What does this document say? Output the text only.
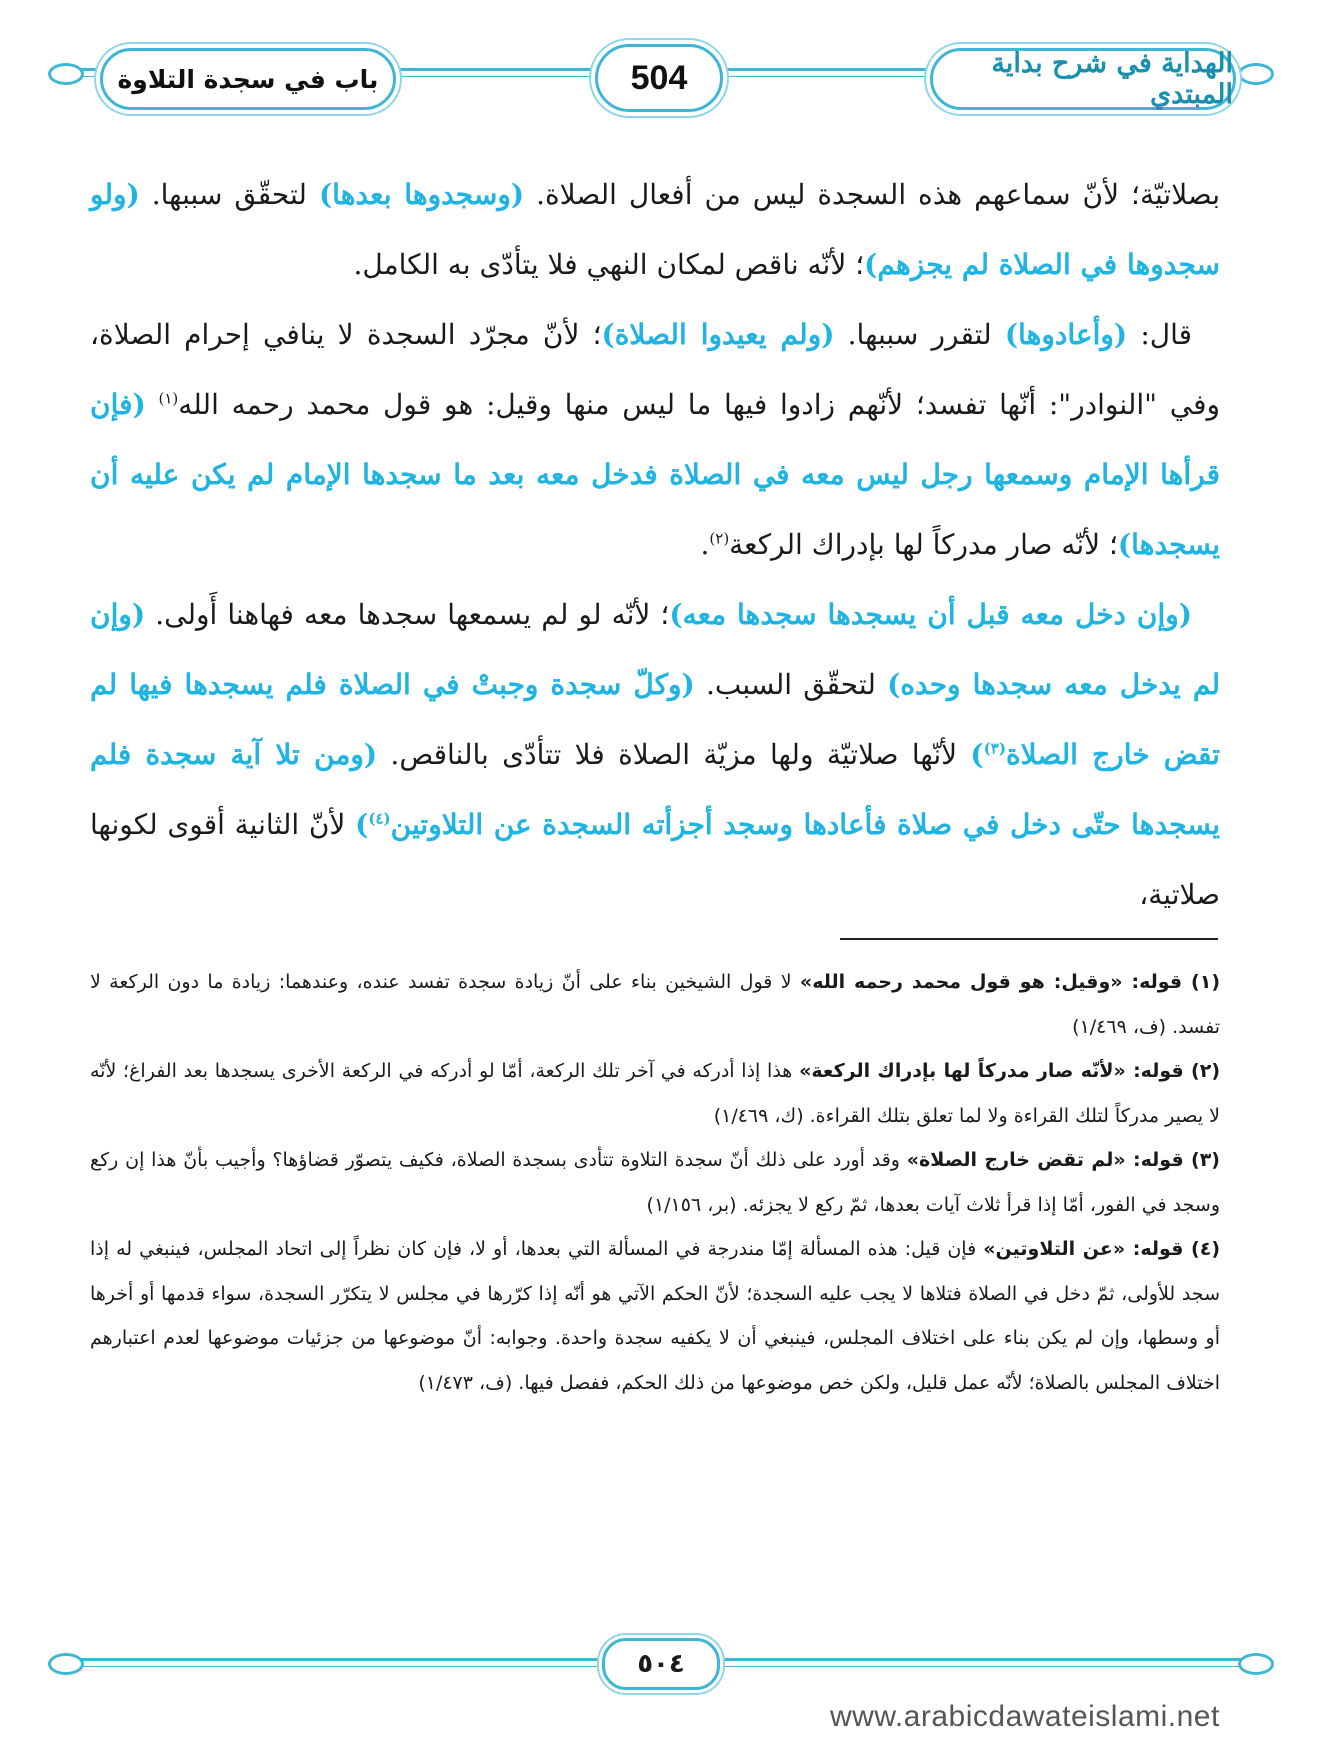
باب في سجدة التلاوة	504	الهداية في شرح بداية المبتدي

بصلاتيّة؛ لأنّ سماعهم هذه السجدة ليس من أفعال الصلاة. (وسجدوها بعدها) لتحقّق سببها. (ولو سجدوها في الصلاة لم يجزهم)؛ لأنّه ناقص لمكان النهي فلا يتأدّى به الكامل.

قال: (وأعادوها) لتقرر سببها. (ولم يعيدوا الصلاة)؛ لأنّ مجرّد السجدة لا ينافي إحرام الصلاة، وفي "النوادر": أنّها تفسد؛ لأنّهم زادوا فيها ما ليس منها وقيل: هو قول محمد رحمه الله$^{(١)}$ (فإن قرأها الإمام وسمعها رجل ليس معه في الصلاة فدخل معه بعد ما سجدها الإمام لم يكن عليه أن يسجدها)؛ لأنّه صار مدركاً لها بإدراك الركعة$^{(٢)}$.

(وإن دخل معه قبل أن يسجدها سجدها معه)؛ لأنّه لو لم يسمعها سجدها معه فهاهنا أَولى. (وإن لم يدخل معه سجدها وحده) لتحقّق السبب. (وكلّ سجدة وجبتْ في الصلاة فلم يسجدها فيها لم تقض خارج الصلاة$^{(٣)}$) لأنّها صلاتيّة ولها مزيّة الصلاة فلا تتأدّى بالناقص. (ومن تلا آية سجدة فلم يسجدها حتّى دخل في صلاة فأعادها وسجد أجزأته السجدة عن التلاوتين$^{(٤)}$) لأنّ الثانية أقوى لكونها صلاتية،

(١) قوله: «وقيل: هو قول محمد رحمه الله» لا قول الشيخين بناء على أنّ زيادة سجدة تفسد عنده، وعندهما: زيادة ما دون الركعة لا تفسد. (ف، ١/٤٦٩)

(٢) قوله: «لأنّه صار مدركاً لها بإدراك الركعة» هذا إذا أدركه في آخر تلك الركعة، أمّا لو أدركه في الركعة الأخرى يسجدها بعد الفراغ؛ لأنّه لا يصير مدركاً لتلك القراءة ولا لما تعلق بتلك القراءة. (ك، ١/٤٦٩)

(٣) قوله: «لم تقض خارج الصلاة» وقد أورد على ذلك أنّ سجدة التلاوة تتأدى بسجدة الصلاة، فكيف يتصوّر قضاؤها؟ وأجيب بأنّ هذا إن ركع وسجد في الفور، أمّا إذا قرأ ثلاث آيات بعدها، ثمّ ركع لا يجزئه. (بر، ١/١٥٦)

(٤) قوله: «عن التلاوتين» فإن قيل: هذه المسألة إمّا مندرجة في المسألة التي بعدها، أو لا، فإن كان نظراً إلى اتحاد المجلس، فينبغي له إذا سجد للأولى، ثمّ دخل في الصلاة فتلاها لا يجب عليه السجدة؛ لأنّ الحكم الآتي هو أنّه إذا كرّرها في مجلس لا يتكرّر السجدة، سواء قدمها أو أخرها أو وسطها، وإن لم يكن بناء على اختلاف المجلس، فينبغي أن لا يكفيه سجدة واحدة. وجوابه: أنّ موضوعها من جزئيات موضوعها لعدم اعتبارهم اختلاف المجلس بالصلاة؛ لأنّه عمل قليل، ولكن خص موضوعها من ذلك الحكم، ففصل فيها. (ف، ١/٤٧٣)

٥٠٤
www.arabicdawateislami.net
